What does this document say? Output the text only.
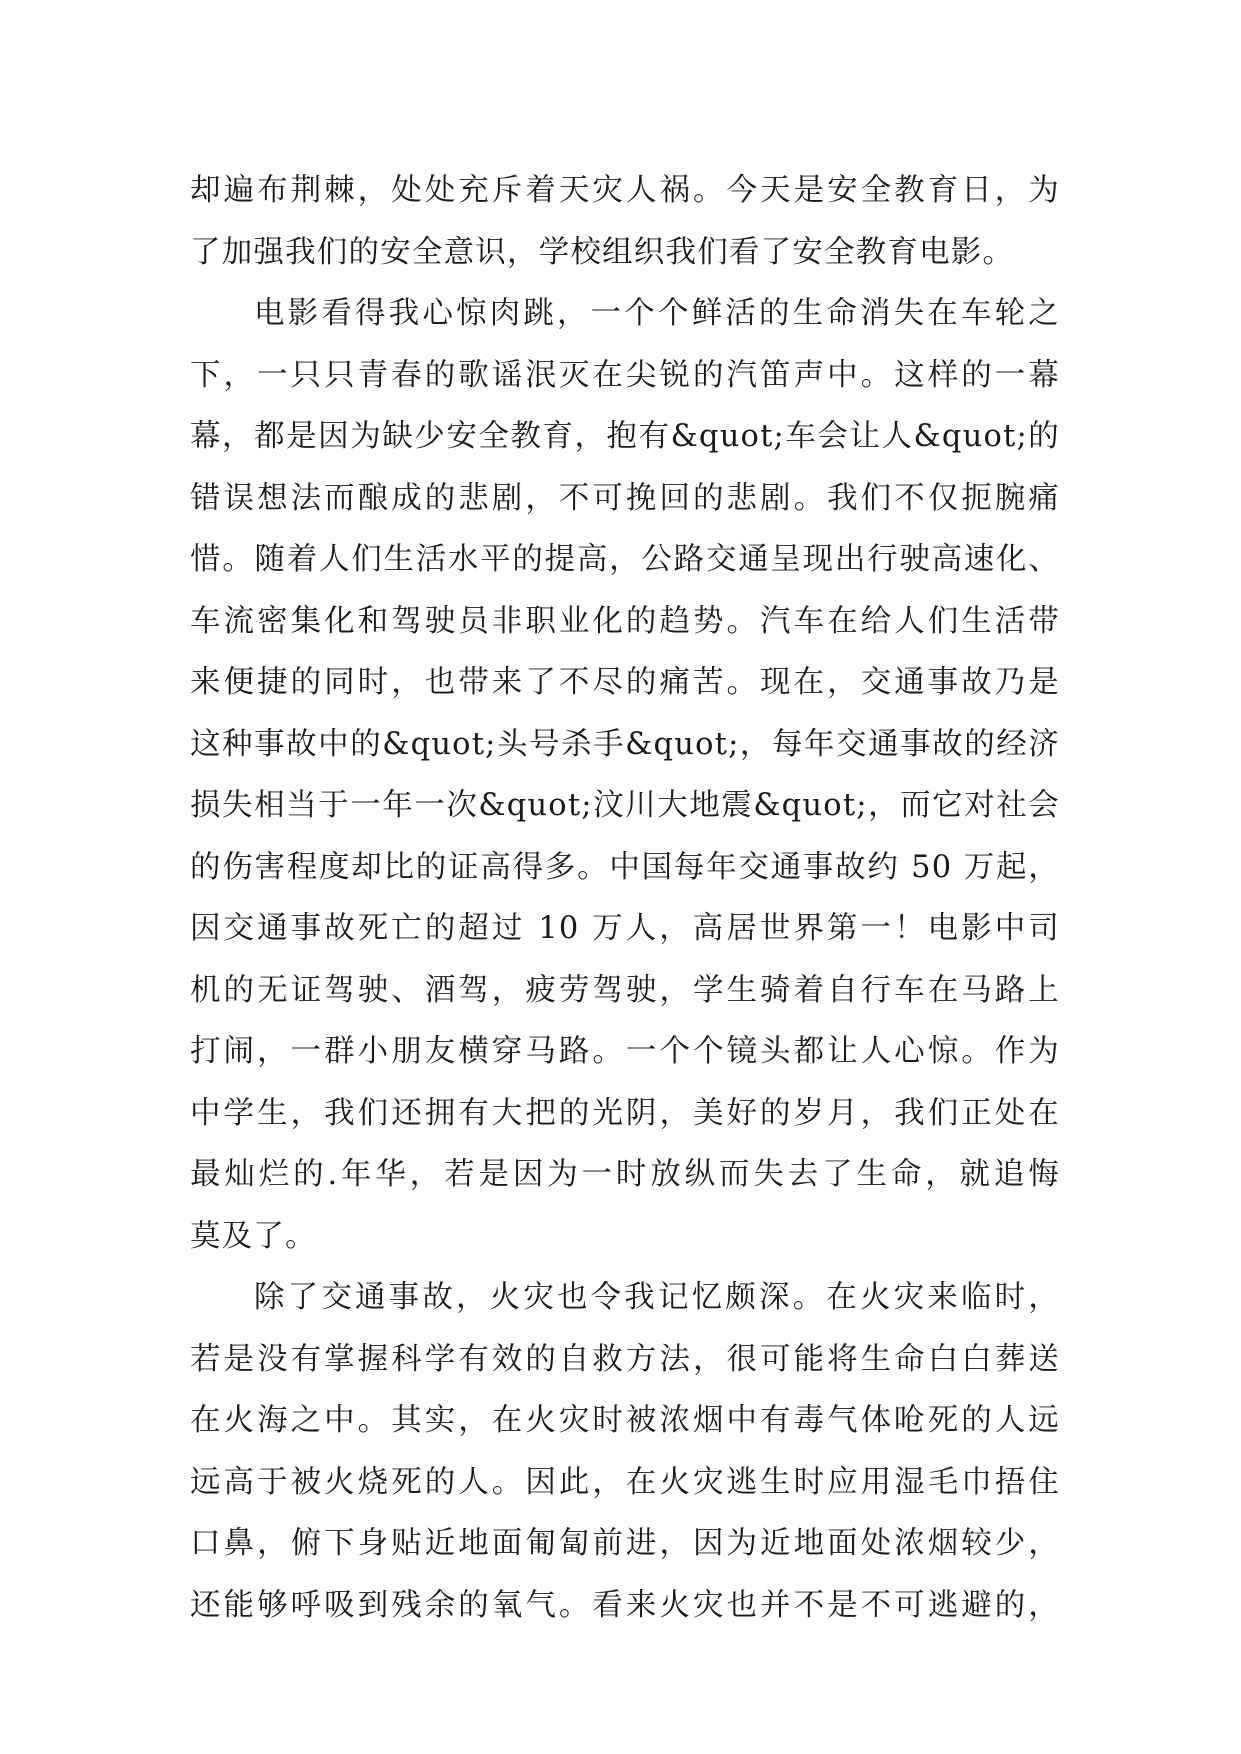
却遍布荆棘，处处充斥着天灾人祸。今天是安全教育日，为
了加强我们的安全意识，学校组织我们看了安全教育电影。
电影看得我心惊肉跳，一个个鲜活的生命消失在车轮之
下，一只只青春的歌谣泯灭在尖锐的汽笛声中。这样的一幕
幕，都是因为缺少安全教育，抱有&quot;车会让人&quot;的
错误想法而酿成的悲剧，不可挽回的悲剧。我们不仅扼腕痛
惜。随着人们生活水平的提高，公路交通呈现出行驶高速化、
车流密集化和驾驶员非职业化的趋势。汽车在给人们生活带
来便捷的同时，也带来了不尽的痛苦。现在，交通事故乃是
这种事故中的&quot;头号杀手&quot;，每年交通事故的经济
损失相当于一年一次&quot;汶川大地震&quot;，而它对社会
的伤害程度却比的证高得多。中国每年交通事故约 50 万起，
因交通事故死亡的超过 10 万人，高居世界第一！电影中司
机的无证驾驶、酒驾，疲劳驾驶，学生骑着自行车在马路上
打闹，一群小朋友横穿马路。一个个镜头都让人心惊。作为
中学生，我们还拥有大把的光阴，美好的岁月，我们正处在
最灿烂的.年华，若是因为一时放纵而失去了生命，就追悔
莫及了。
除了交通事故，火灾也令我记忆颇深。在火灾来临时，
若是没有掌握科学有效的自救方法，很可能将生命白白葬送
在火海之中。其实，在火灾时被浓烟中有毒气体呛死的人远
远高于被火烧死的人。因此，在火灾逃生时应用湿毛巾捂住
口鼻，俯下身贴近地面匍匐前进，因为近地面处浓烟较少，
还能够呼吸到残余的氧气。看来火灾也并不是不可逃避的，
